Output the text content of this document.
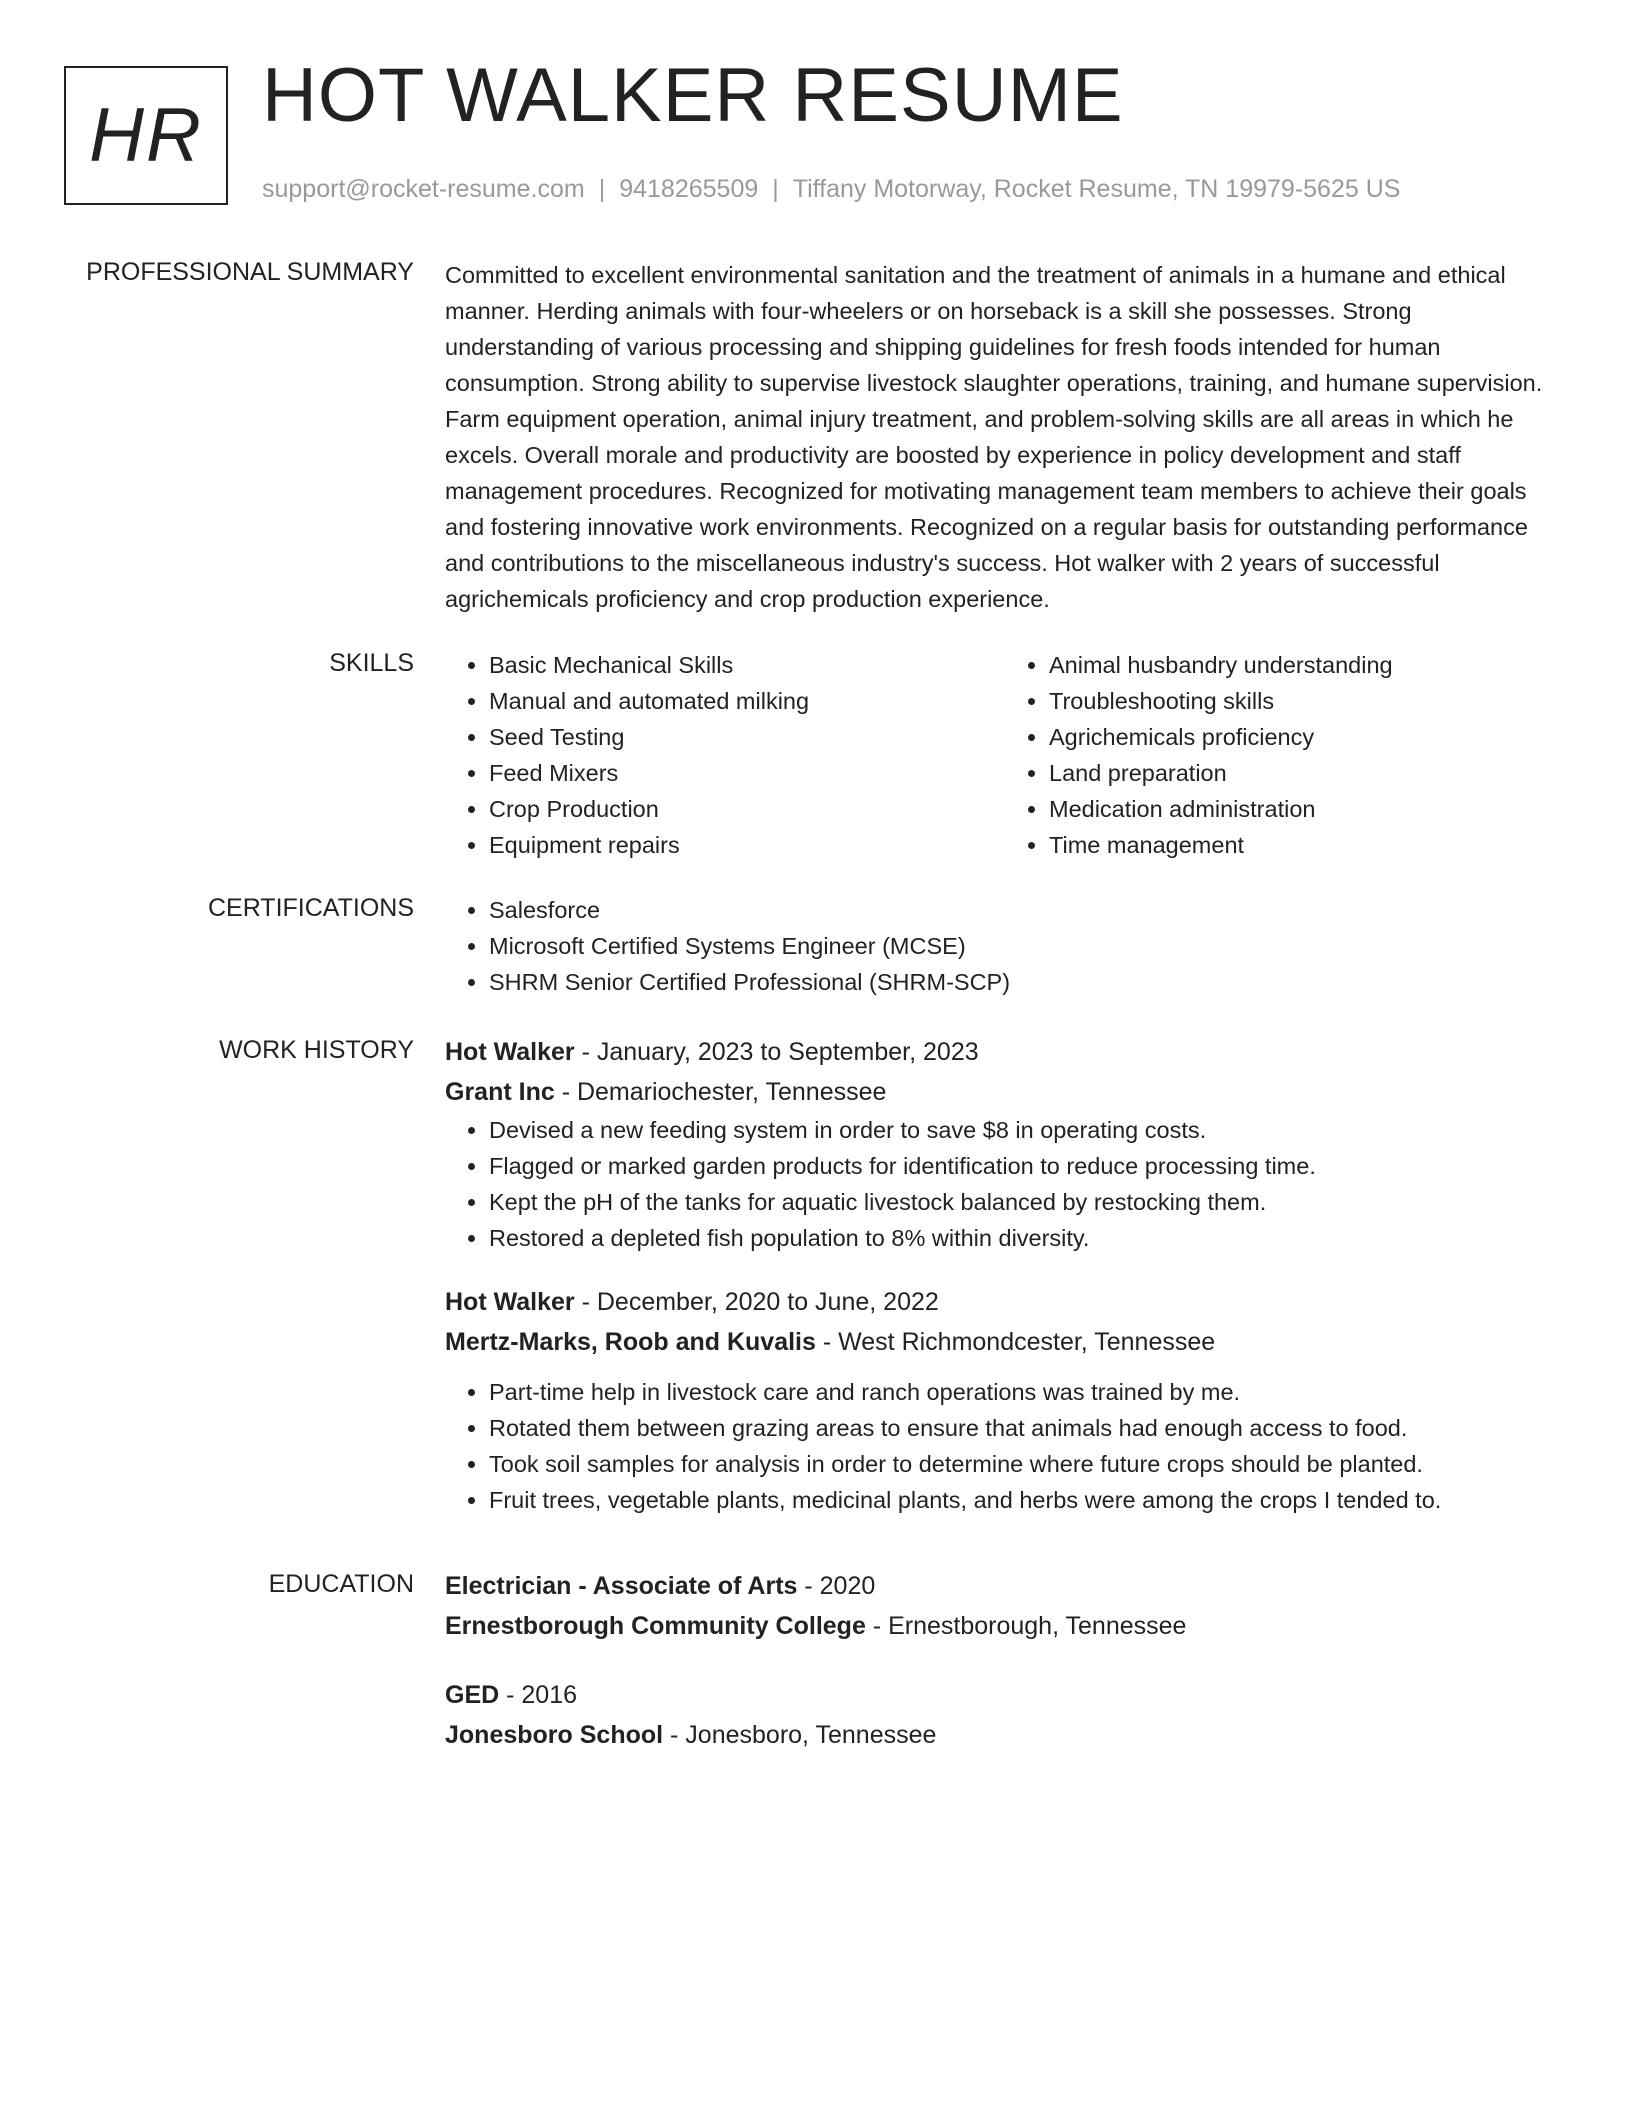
HR HOT WALKER RESUME
support@rocket-resume.com | 9418265509 | Tiffany Motorway, Rocket Resume, TN 19979-5625 US
PROFESSIONAL SUMMARY Committed to excellent environmental sanitation and the treatment of animals in a humane and ethical manner. Herding animals with four-wheelers or on horseback is a skill she possesses. Strong understanding of various processing and shipping guidelines for fresh foods intended for human consumption. Strong ability to supervise livestock slaughter operations, training, and humane supervision. Farm equipment operation, animal injury treatment, and problem-solving skills are all areas in which he excels. Overall morale and productivity are boosted by experience in policy development and staff management procedures. Recognized for motivating management team members to achieve their goals and fostering innovative work environments. Recognized on a regular basis for outstanding performance and contributions to the miscellaneous industry's success. Hot walker with 2 years of successful agrichemicals proficiency and crop production experience.

SKILLS	• Basic Mechanical Skills
• Manual and automated milking
• Seed Testing
• Feed Mixers
• Crop Production
• Equipment repairs
• Animal husbandry understanding
• Troubleshooting skills
• Agrichemicals proficiency
• Land preparation
• Medication administration
• Time management
CERTIFICATIONS	• Salesforce
• Microsoft Certified Systems Engineer (MCSE)
• SHRM Senior Certified Professional (SHRM-SCP)
WORK HISTORY Hot Walker - January, 2023 to September, 2023
Grant Inc - Demariochester, Tennessee
• Devised a new feeding system in order to save $8 in operating costs.
• Flagged or marked garden products for identification to reduce processing time.
• Kept the pH of the tanks for aquatic livestock balanced by restocking them.
• Restored a depleted fish population to 8% within diversity.
Hot Walker - December, 2020 to June, 2022
Mertz-Marks, Roob and Kuvalis - West Richmondcester, Tennessee
• Part-time help in livestock care and ranch operations was trained by me.
• Rotated them between grazing areas to ensure that animals had enough access to food.
• Took soil samples for analysis in order to determine where future crops should be planted.
• Fruit trees, vegetable plants, medicinal plants, and herbs were among the crops I tended to.
EDUCATION Electrician - Associate of Arts - 2020
Ernestborough Community College - Ernestborough, Tennessee
GED - 2016
Jonesboro School - Jonesboro, Tennessee
